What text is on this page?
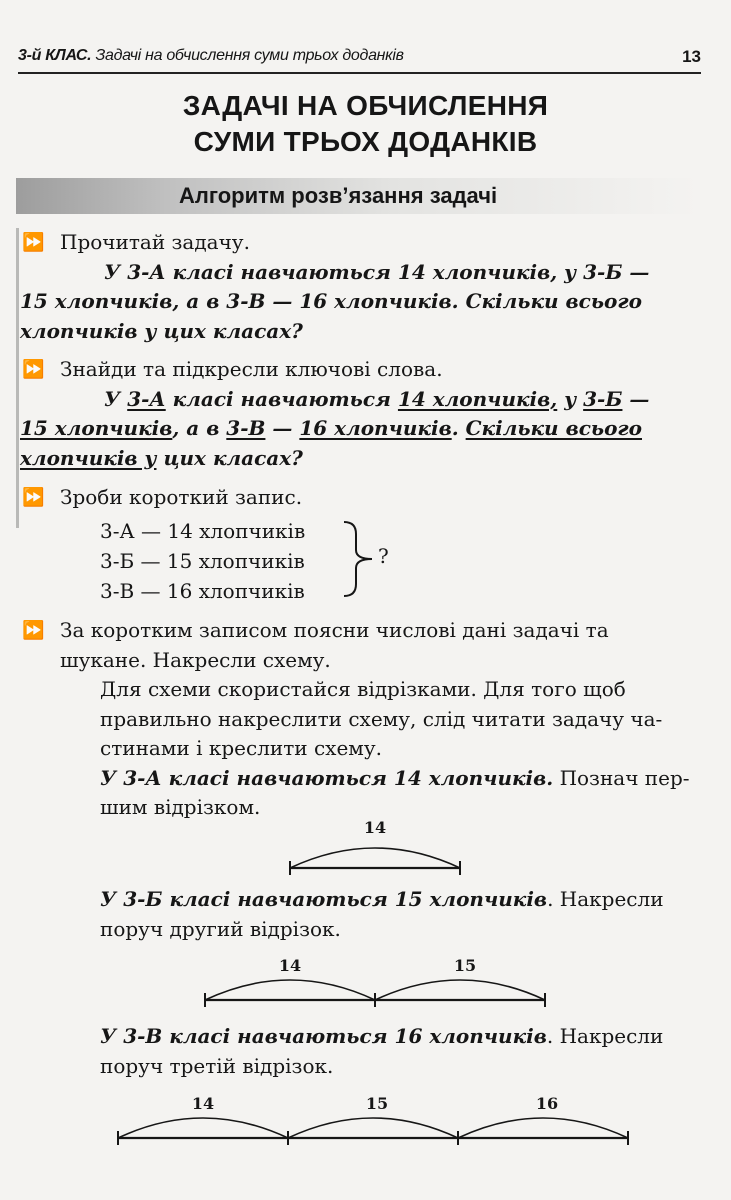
3-й КЛАС. Задачі на обчислення суми трьох доданків	13
ЗАДАЧІ НА ОБЧИСЛЕННЯ
СУМИ ТРЬОХ ДОДАНКІВ
Алгоритм розв’язання задачі
⏩ Прочитай задачу.
У 3-А класі навчаються 14 хлопчиків, у 3-Б —
15 хлопчиків, а в 3-В — 16 хлопчиків. Скільки всього
хлопчиків у цих класах?
⏩ Знайди та підкресли ключові слова.
У 3-А класі навчаються 14 хлопчиків, у 3-Б —
15 хлопчиків, а в 3-В — 16 хлопчиків. Скільки всього
хлопчиків у цих класах?
⏩ Зроби короткий запис.
3-А — 14 хлопчиків
3-Б — 15 хлопчиків
3-В — 16 хлопчиків
?
⏩ За коротким записом поясни числові дані задачі та
шукане. Накресли схему.
Для схеми скористайся відрізками. Для того щоб
правильно накреслити схему, слід читати задачу ча-
стинами і креслити схему.
У 3-А класі навчаються 14 хлопчиків. Познач пер-
шим відрізком.
14
У 3-Б класі навчаються 15 хлопчиків. Накресли
поруч другий відрізок.
14	15
У 3-В класі навчаються 16 хлопчиків. Накресли
поруч третій відрізок.
14	15	16
